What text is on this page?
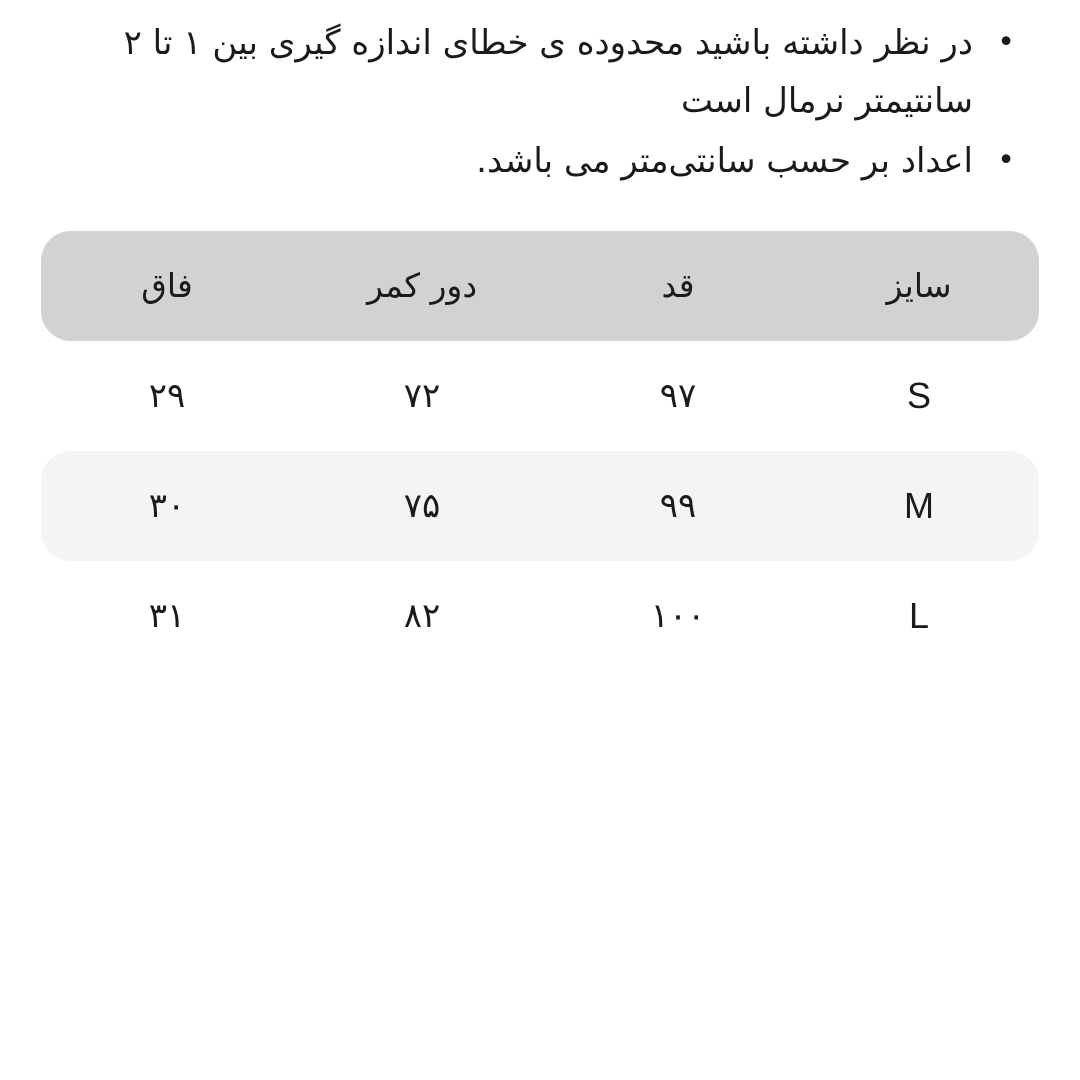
•
در نظر داشته باشید محدوده ی خطای اندازه گیری بین ۱ تا ۲ سانتیمتر نرمال است

•
اعداد بر حسب سانتی‌متر می باشد.

سایز
قد
دور کمر
فاق
S
۹۷
۷۲
۲۹
M
۹۹
۷۵
۳۰
L
۱۰۰
۸۲
۳۱
